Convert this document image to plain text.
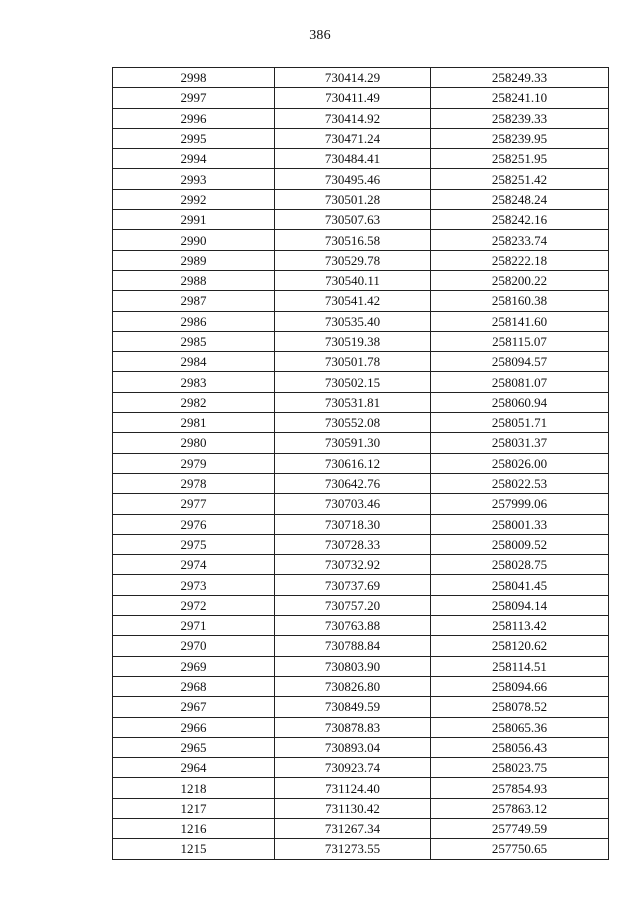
386
2998	730414.29	258249.33
2997	730411.49	258241.10
2996	730414.92	258239.33
2995	730471.24	258239.95
2994	730484.41	258251.95
2993	730495.46	258251.42
2992	730501.28	258248.24
2991	730507.63	258242.16
2990	730516.58	258233.74
2989	730529.78	258222.18
2988	730540.11	258200.22
2987	730541.42	258160.38
2986	730535.40	258141.60
2985	730519.38	258115.07
2984	730501.78	258094.57
2983	730502.15	258081.07
2982	730531.81	258060.94
2981	730552.08	258051.71
2980	730591.30	258031.37
2979	730616.12	258026.00
2978	730642.76	258022.53
2977	730703.46	257999.06
2976	730718.30	258001.33
2975	730728.33	258009.52
2974	730732.92	258028.75
2973	730737.69	258041.45
2972	730757.20	258094.14
2971	730763.88	258113.42
2970	730788.84	258120.62
2969	730803.90	258114.51
2968	730826.80	258094.66
2967	730849.59	258078.52
2966	730878.83	258065.36
2965	730893.04	258056.43
2964	730923.74	258023.75
1218	731124.40	257854.93
1217	731130.42	257863.12
1216	731267.34	257749.59
1215	731273.55	257750.65
